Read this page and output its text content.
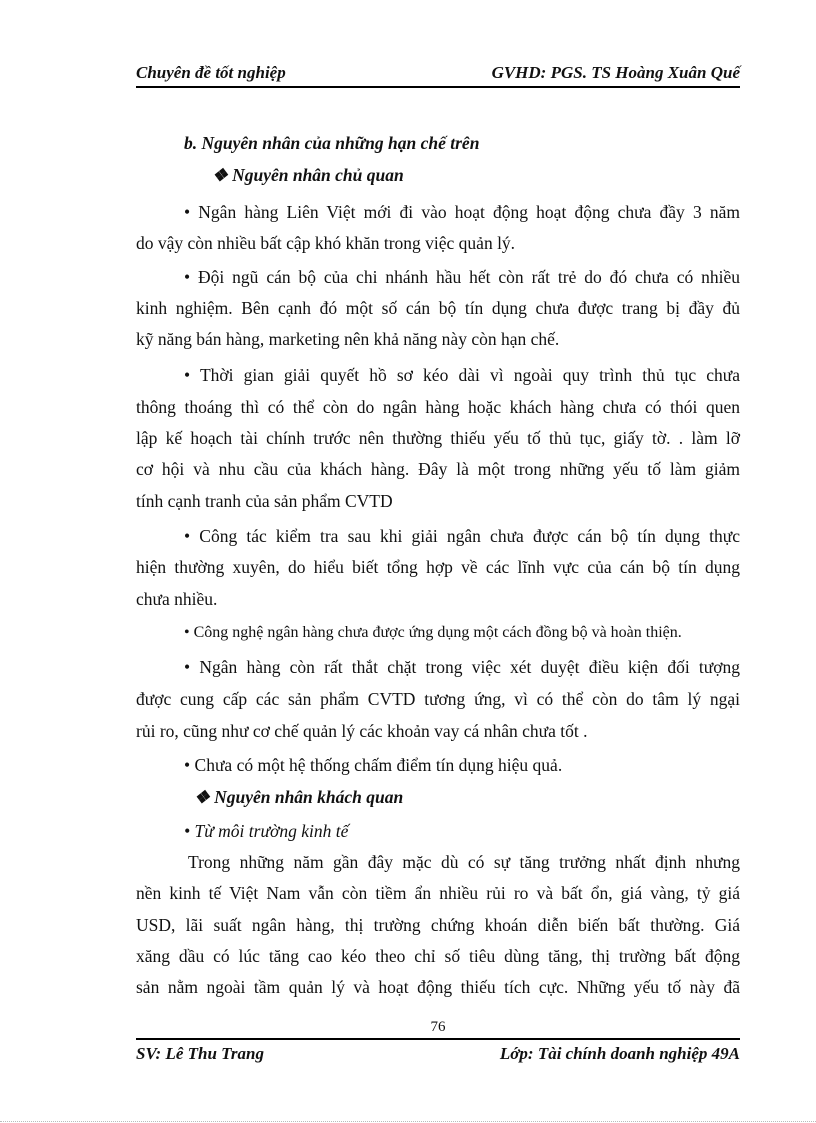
Chuyên đề tốt nghiệp	GVHD: PGS. TS Hoàng Xuân Quế
b. Nguyên nhân của những hạn chế trên
❖ Nguyên nhân chủ quan
• Ngân hàng Liên Việt mới đi vào hoạt động hoạt động chưa đầy 3 năm
do vậy còn nhiều bất cập khó khăn trong việc quản lý.
• Đội ngũ cán bộ của chi nhánh hầu hết còn rất trẻ do đó chưa có nhiều
kinh nghiệm. Bên cạnh đó một số cán bộ tín dụng chưa được trang bị đầy đủ
kỹ năng bán hàng, marketing nên khả năng này còn hạn chế.
• Thời gian giải quyết hồ sơ kéo dài vì ngoài quy trình thủ tục chưa
thông thoáng thì có thể còn do ngân hàng hoặc khách hàng chưa có thói quen
lập kế hoạch tài chính trước nên thường thiếu yếu tố thủ tục, giấy tờ. . làm lỡ
cơ hội và nhu cầu của khách hàng. Đây là một trong những yếu tố làm giảm
tính cạnh tranh của sản phẩm CVTD
• Công tác kiểm tra sau khi giải ngân chưa được cán bộ tín dụng thực
hiện thường xuyên, do hiểu biết tổng hợp về các lĩnh vực của cán bộ tín dụng
chưa nhiều.
• Công nghệ ngân hàng chưa được ứng dụng một cách đồng bộ và hoàn thiện.
• Ngân hàng còn rất thắt chặt trong việc xét duyệt điều kiện đối tượng
được cung cấp các sản phẩm CVTD tương ứng, vì có thể còn do tâm lý ngại
rủi ro, cũng như cơ chế quản lý các khoản vay cá nhân chưa tốt .
• Chưa có một hệ thống chấm điểm tín dụng hiệu quả.
❖ Nguyên nhân khách quan
• Từ môi trường kinh tế
Trong những năm gần đây mặc dù có sự tăng trưởng nhất định nhưng
nền kinh tế Việt Nam vẫn còn tiềm ẩn nhiều rủi ro và bất ổn, giá vàng, tỷ giá
USD, lãi suất ngân hàng, thị trường chứng khoán diễn biến bất thường. Giá
xăng dầu có lúc tăng cao kéo theo chỉ số tiêu dùng tăng, thị trường bất động
sản nằm ngoài tầm quản lý và hoạt động thiếu tích cực. Những yếu tố này đã
76
SV: Lê Thu Trang	Lớp: Tài chính doanh nghiệp 49A
